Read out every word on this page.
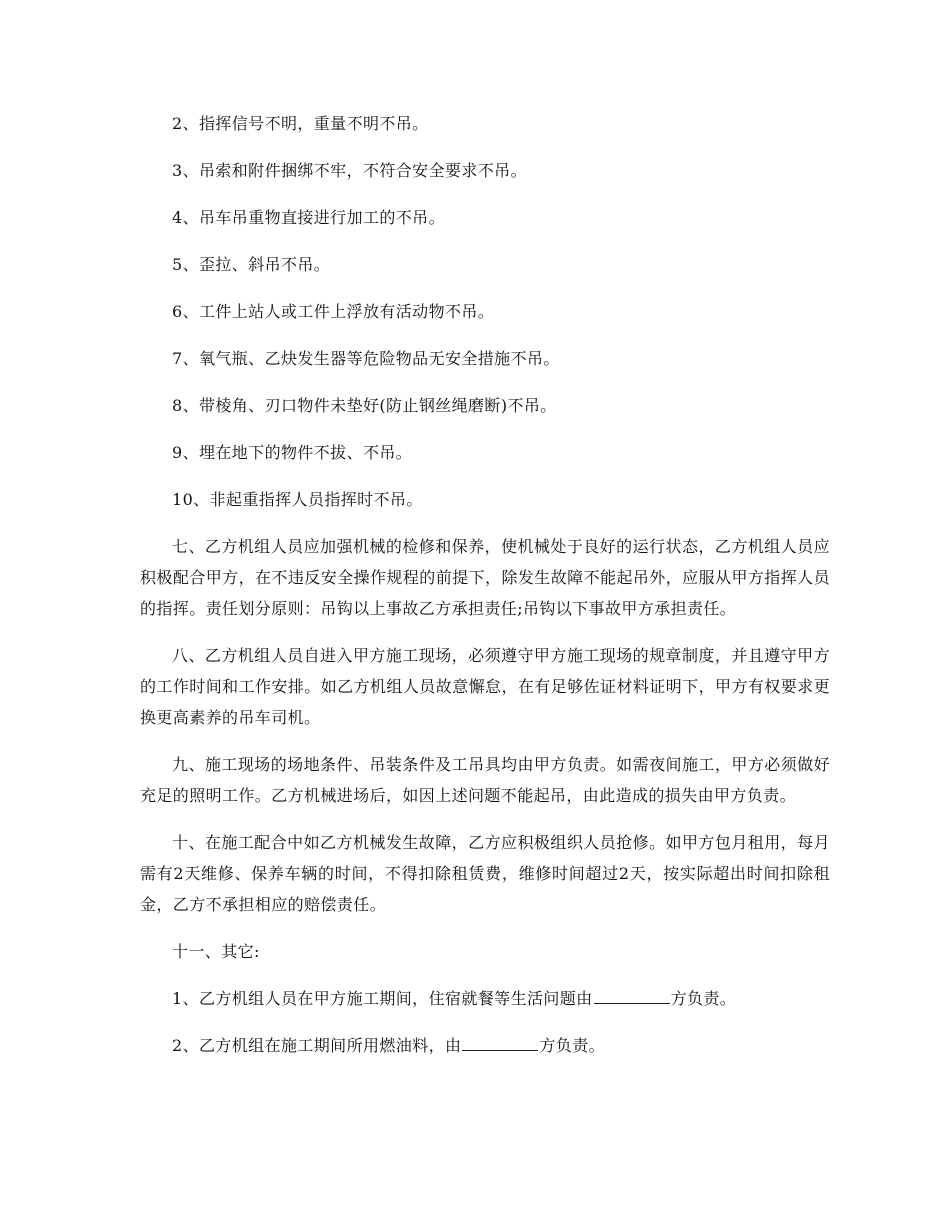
2、指挥信号不明，重量不明不吊。

3、吊索和附件捆绑不牢，不符合安全要求不吊。

4、吊车吊重物直接进行加工的不吊。

5、歪拉、斜吊不吊。

6、工件上站人或工件上浮放有活动物不吊。

7、氧气瓶、乙炔发生器等危险物品无安全措施不吊。

8、带棱角、刃口物件未垫好(防止钢丝绳磨断)不吊。

9、埋在地下的物件不拔、不吊。

10、非起重指挥人员指挥时不吊。

七、乙方机组人员应加强机械的检修和保养，使机械处于良好的运行状态，乙方机组人员应积极配合甲方，在不违反安全操作规程的前提下，除发生故障不能起吊外，应服从甲方指挥人员的指挥。责任划分原则：吊钩以上事故乙方承担责任;吊钩以下事故甲方承担责任。

八、乙方机组人员自进入甲方施工现场，必须遵守甲方施工现场的规章制度，并且遵守甲方的工作时间和工作安排。如乙方机组人员故意懈怠，在有足够佐证材料证明下，甲方有权要求更换更高素养的吊车司机。

九、施工现场的场地条件、吊装条件及工吊具均由甲方负责。如需夜间施工，甲方必须做好充足的照明工作。乙方机械进场后，如因上述问题不能起吊，由此造成的损失由甲方负责。

十、在施工配合中如乙方机械发生故障，乙方应积极组织人员抢修。如甲方包月租用，每月需有2天维修、保养车辆的时间，不得扣除租赁费，维修时间超过2天，按实际超出时间扣除租金，乙方不承担相应的赔偿责任。

十一、其它:

1、乙方机组人员在甲方施工期间，住宿就餐等生活问题由	方负责。

2、乙方机组在施工期间所用燃油料，由	方负责。
